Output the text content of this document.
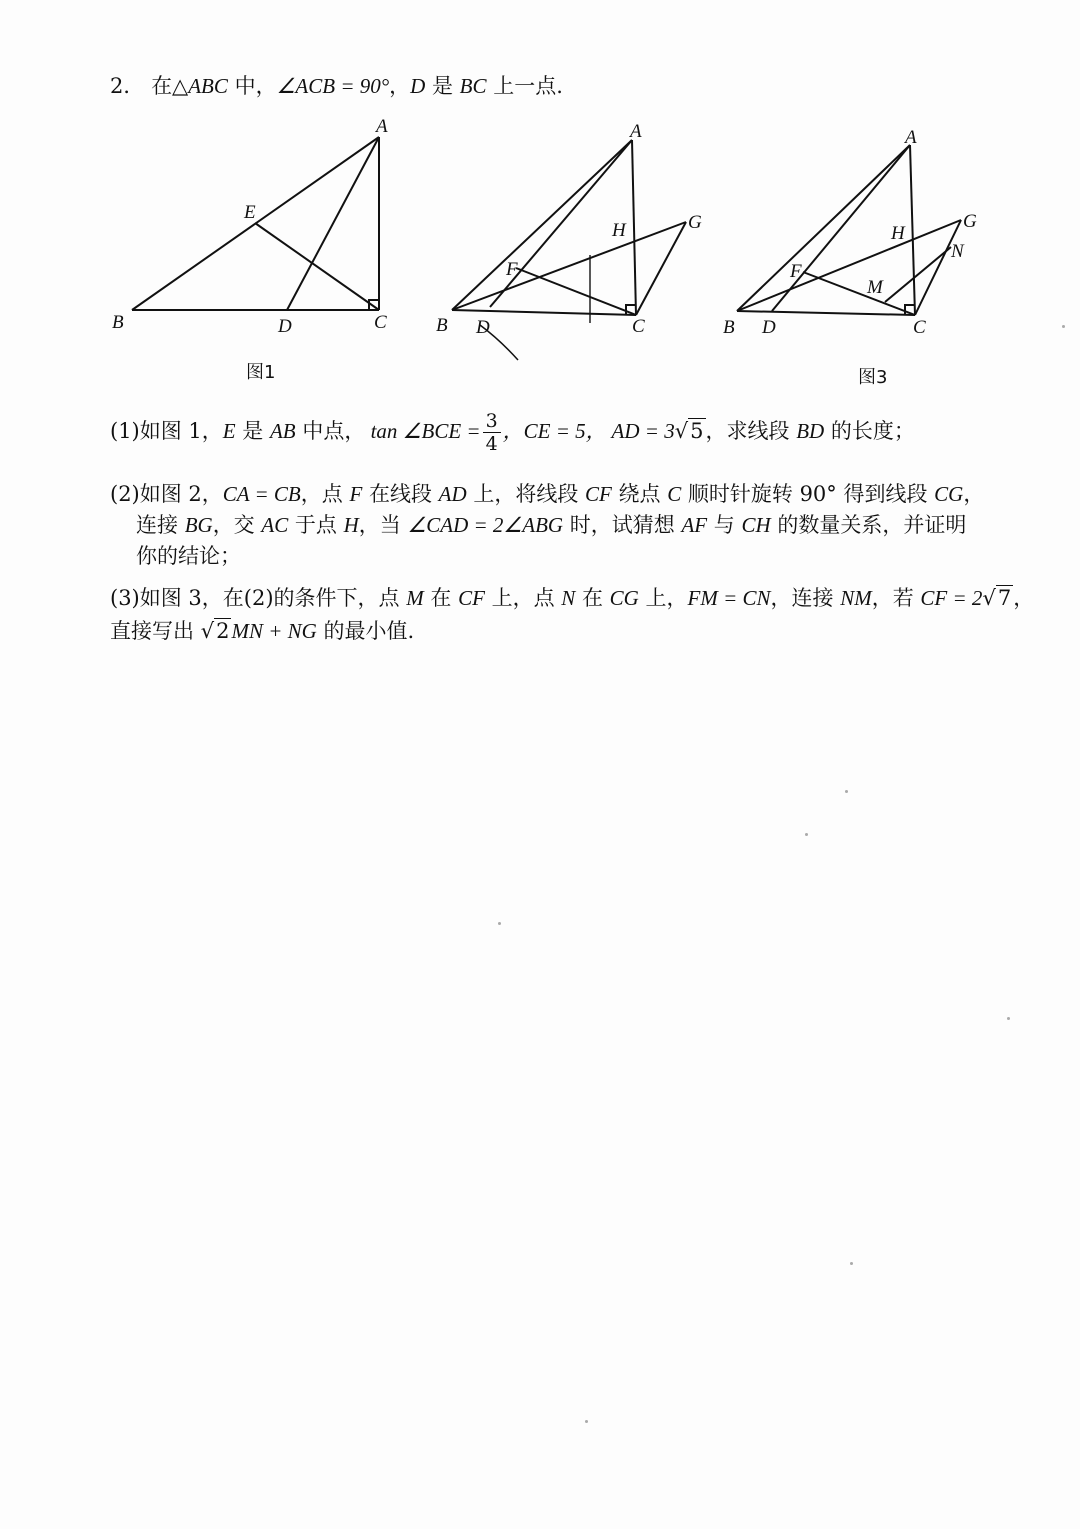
2． 在△ABC 中，∠ACB = 90°，D 是 BC 上一点.
A
B	C
D
E
图1
A
B	C
D
F
G
H
A
B	C
D
F
G
H
M
N
图3
(1)如图 1，E 是 AB 中点， tan ∠BCE = $\frac{3}{4}$ ，CE = 5， AD = 3√5，求线段 BD 的长度；
(2)如图 2，CA = CB，点 F 在线段 AD 上，将线段 CF 绕点 C 顺时针旋转 90° 得到线段 CG，
连接 BG，交 AC 于点 H，当 ∠CAD = 2∠ABG 时，试猜想 AF 与 CH 的数量关系，并证明
你的结论；
(3)如图 3，在(2)的条件下，点 M 在 CF 上，点 N 在 CG 上，FM = CN，连接 NM，若 CF = 2√7，
直接写出 √2MN + NG 的最小值.
